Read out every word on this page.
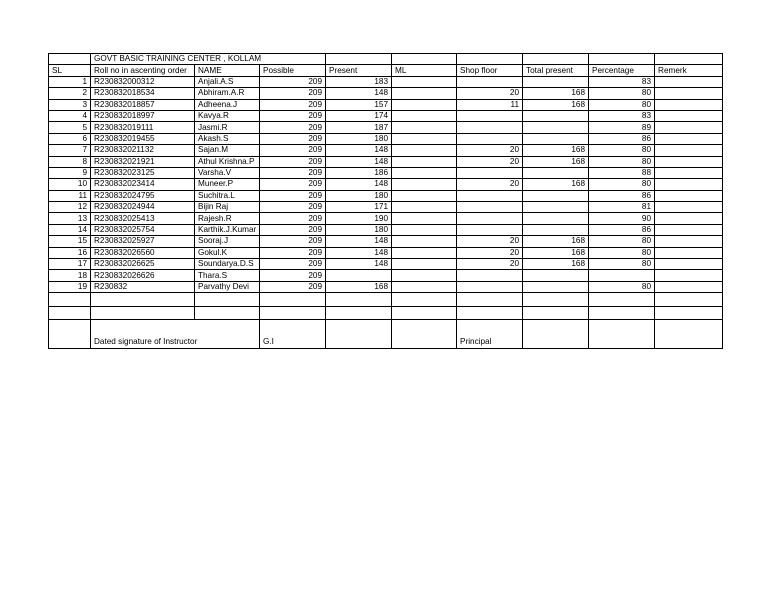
	GOVT BASIC TRAINING CENTER , KOLLAM								
SL	Roll no in ascenting order	NAME	Possible	Present	ML	Shop floor	Total present	Percentage	Remerk
1	R230832000312	Anjali.A.S	209	183				83	
2	R230832018534	Abhiram.A.R	209	148		20	168	80	
3	R230832018857	Adheena.J	209	157		11	168	80	
4	R230832018997	Kavya.R	209	174				83	
5	R230832019111	Jasmi.R	209	187				89	
6	R230832019455	Akash.S	209	180				86	
7	R230832021132	Sajan.M	209	148		20	168	80	
8	R230832021921	Athul Krishna.P	209	148		20	168	80	
9	R230832023125	Varsha.V	209	186				88	
10	R230832023414	Muneer.P	209	148		20	168	80	
11	R230832024795	Suchitra.L	209	180				86	
12	R230832024944	Bijin Raj	209	171				81	
13	R230832025413	Rajesh.R	209	190				90	
14	R230832025754	Karthik.J.Kumar	209	180				86	
15	R230832025927	Sooraj.J	209	148		20	168	80	
16	R230832026560	Gokul.K	209	148		20	168	80	
17	R230832026625	Soundarya.D.S	209	148		20	168	80	
18	R230832026626	Thara.S	209						
19	R230832	Parvathy Devi	209	168				80	

	Dated signature of Instructor		G.I			Principal			
